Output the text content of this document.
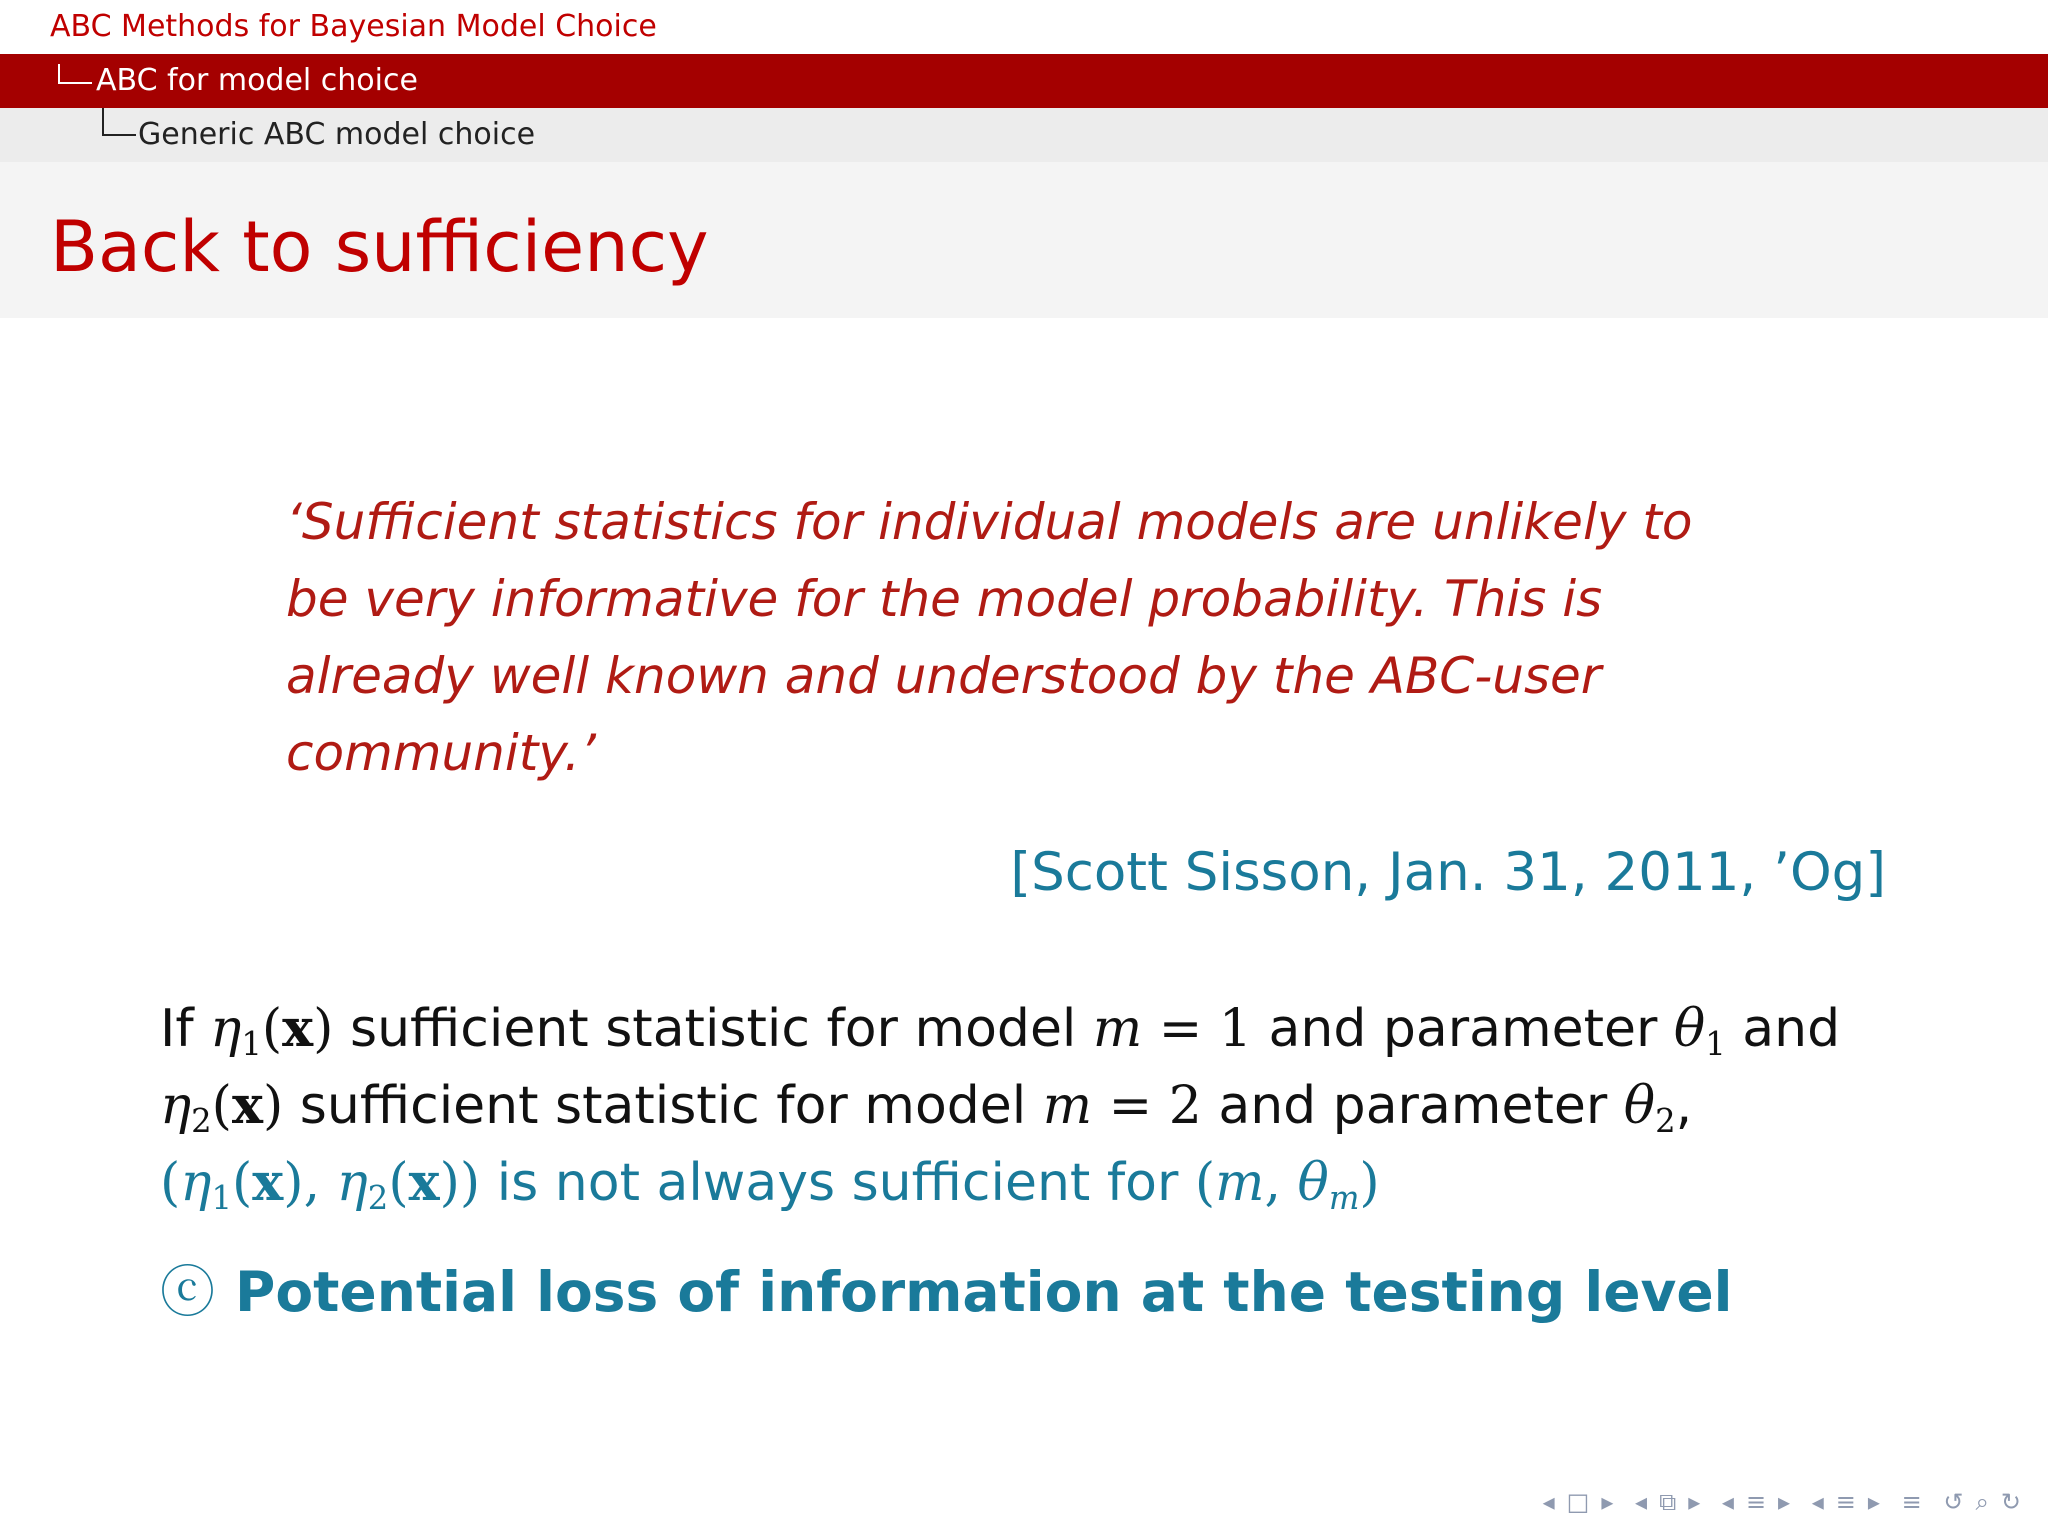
ABC Methods for Bayesian Model Choice
ABC for model choice
Generic ABC model choice
Back to sufficiency
‘Sufficient statistics for individual models are unlikely to
be very informative for the model probability. This is
already well known and understood by the ABC-user
community.’
[Scott Sisson, Jan. 31, 2011, ’Og]
If $\eta_1(x)$ sufficient statistic for model m = 1 and parameter $\theta_1$ and
$\eta_2(x)$ sufficient statistic for model m = 2 and parameter $\theta_2$,
($\eta_1(x)$, $\eta_2(x)$) is not always sufficient for (m, $\theta_m$)
ⓒ Potential loss of information at the testing level
◂ □ ▸ ◂ ⧉ ▸ ◂ ≡ ▸ ◂ ≡ ▸ ≡ ↺ ⌕ ↻
